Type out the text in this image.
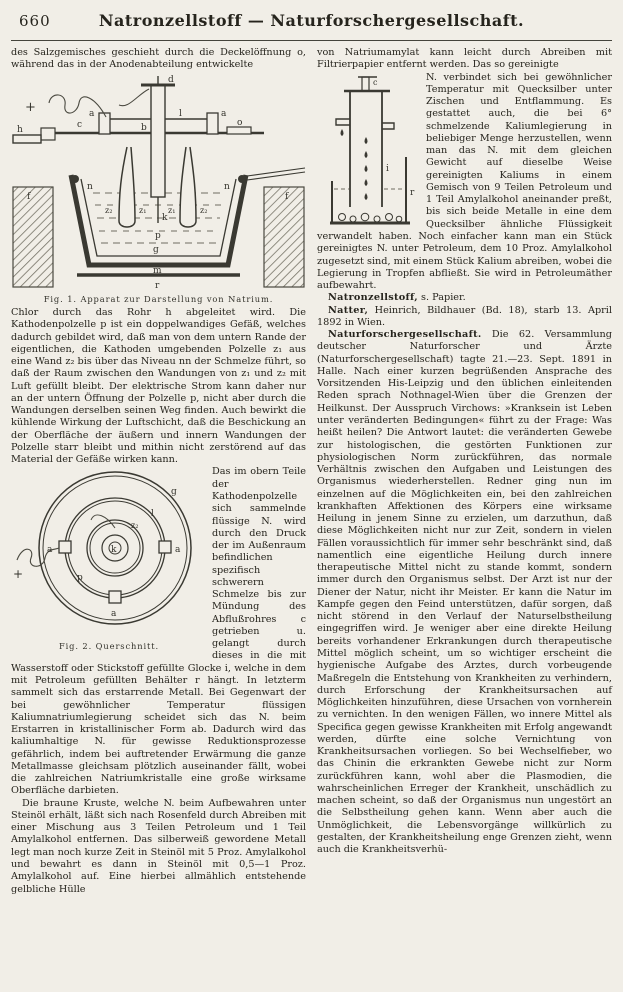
660	Natronzellstoff — Naturforschergesellschaft.

des Salzgemisches geschieht durch die Deckelöffnung o, während das in der Anodenabteilung entwickelte

+
d
a	l	a
b
c
h
o
n	n
f	f
z₂	z₁	z₁	z₂
k
p
g
m
r
Fig. 1. Apparat zur Darstellung von Natrium.

Chlor durch das Rohr h abgeleitet wird. Die Kathodenpolzelle p ist ein doppelwandiges Gefäß, welches dadurch gebildet wird, daß man von dem untern Rande der eigentlichen, die Kathoden umgebenden Polzelle z₁ aus eine Wand z₂ bis über das Niveau nn der Schmelze führt, so daß der Raum zwischen den Wandungen von z₁ und z₂ mit Luft gefüllt bleibt. Der elektrische Strom kann daher nur an der untern Öffnung der Polzelle p, nicht aber durch die Wandungen derselben seinen Weg finden. Auch bewirkt die kühlende Wirkung der Luftschicht, daß die Beschickung an der Oberfläche der äußern und innern Wandungen der Polzelle starr bleibt und mithin nicht zerstörend auf das Material der Gefäße wirken kann.

+
g
l
z₂
k
p
a	a
a
Fig. 2. Querschnitt.

Das im obern Teile der Kathodenpolzelle sich sammelnde flüssige N. wird durch den Druck der im Außenraum befindlichen spezifisch schwerern Schmelze bis zur Mündung des Abflußrohres c getrieben u. gelangt durch dieses in die mit Wasserstoff oder Stickstoff gefüllte Glocke i, welche in dem mit Petroleum gefüllten Behälter r hängt. In letzterm sammelt sich das erstarrende Metall. Bei Gegenwart der bei gewöhnlicher Temperatur flüssigen Kaliumnatriumlegierung scheidet sich das N. beim Erstarren in kristallinischer Form ab. Dadurch wird das kaliumhaltige N. für gewisse Reduktionsprozesse gefährlich, indem bei auftretender Erwärmung die ganze Metallmasse gleichsam plötzlich auseinander fällt, wobei die zahlreichen Natriumkristalle eine große wirksame Oberfläche darbieten.

Die braune Kruste, welche N. beim Aufbewahren unter Steinöl erhält, läßt sich nach Rosenfeld durch Abreiben mit einer Mischung aus 3 Teilen Petroleum und 1 Teil Amylalkohol entfernen. Das silberweiß gewordene Metall legt man noch kurze Zeit in Steinöl mit 5 Proz. Amylalkohol und bewahrt es dann in Steinöl mit 0,5—1 Proz. Amylalkohol auf. Eine hierbei allmählich entstehende gelbliche Hülle

von Natriumamylat kann leicht durch Abreiben mit Filtrierpapier entfernt werden. Das so gereinigte

c
i
r

N. verbindet sich bei gewöhnlicher Temperatur mit Quecksilber unter Zischen und Entflammung. Es gestattet auch, die bei 6° schmelzende Kaliumlegierung in beliebiger Menge herzustellen, wenn man das N. mit dem gleichen Gewicht auf dieselbe Weise gereinigten Kaliums in einem Gemisch von 9 Teilen Petroleum und 1 Teil Amylalkohol aneinander preßt, bis sich beide Metalle in eine dem Quecksilber ähnliche Flüssigkeit verwandelt haben. Noch einfacher kann man ein Stück gereinigtes N. unter Petroleum, dem 10 Proz. Amylalkohol zugesetzt sind, mit einem Stück Kalium abreiben, wobei die Legierung in Tropfen abfließt. Sie wird in Petroleumäther aufbewahrt.

Natronzellstoff, s. Papier.

Natter, Heinrich, Bildhauer (Bd. 18), starb 13. April 1892 in Wien.

Naturforschergesellschaft. Die 62. Versammlung deutscher Naturforscher und Ärzte (Naturforschergesellschaft) tagte 21.—23. Sept. 1891 in Halle. Nach einer kurzen begrüßenden Ansprache des Vorsitzenden His-Leipzig und den üblichen einleitenden Reden sprach Nothnagel-Wien über die Grenzen der Heilkunst. Der Ausspruch Virchows: »Kranksein ist Leben unter veränderten Bedingungen« führt zu der Frage: Was heißt heilen? Die Antwort lautet: die veränderten Gewebe zur histologischen, die gestörten Funktionen zur physiologischen Norm zurückführen, das normale Verhältnis zwischen den Aufgaben und Leistungen des Organismus wiederherstellen. Redner ging nun im einzelnen auf die Möglichkeiten ein, bei den zahlreichen krankhaften Affektionen des Körpers eine wirksame Heilung in jenem Sinne zu erzielen, um darzuthun, daß diese Möglichkeiten nicht nur zur Zeit, sondern in vielen Fällen voraussichtlich für immer sehr beschränkt sind, daß namentlich eine eigentliche Heilung durch innere therapeutische Mittel nicht zu stande kommt, sondern immer durch den Organismus selbst. Der Arzt ist nur der Diener der Natur, nicht ihr Meister. Er kann die Natur im Kampfe gegen den Feind unterstützen, dafür sorgen, daß nicht störend in den Verlauf der Naturselbstheilung eingegriffen wird. Je weniger aber eine direkte Heilung bereits vorhandener Erkrankungen durch therapeutische Mittel möglich scheint, um so wichtiger erscheint die hygienische Aufgabe des Arztes, durch vorbeugende Maßregeln die Entstehung von Krankheiten zu verhindern, durch Erforschung der Krankheitsursachen auf Möglichkeiten hinzuführen, diese Ursachen von vornherein zu vernichten. In den wenigen Fällen, wo innere Mittel als Specifica gegen gewisse Krankheiten mit Erfolg angewandt werden, dürfte eine solche Vernichtung von Krankheitsursachen vorliegen. So bei Wechselfieber, wo das Chinin die erkrankten Gewebe nicht zur Norm zurückführen kann, wohl aber die Plasmodien, die wahrscheinlichen Erreger der Krankheit, unschädlich zu machen scheint, so daß der Organismus nun ungestört an die Selbstheilung gehen kann. Wenn aber auch die Unmöglichkeit, die Lebensvorgänge willkürlich zu gestalten, der Krankheitsheilung enge Grenzen zieht, wenn auch die Krankheitsverhü-
